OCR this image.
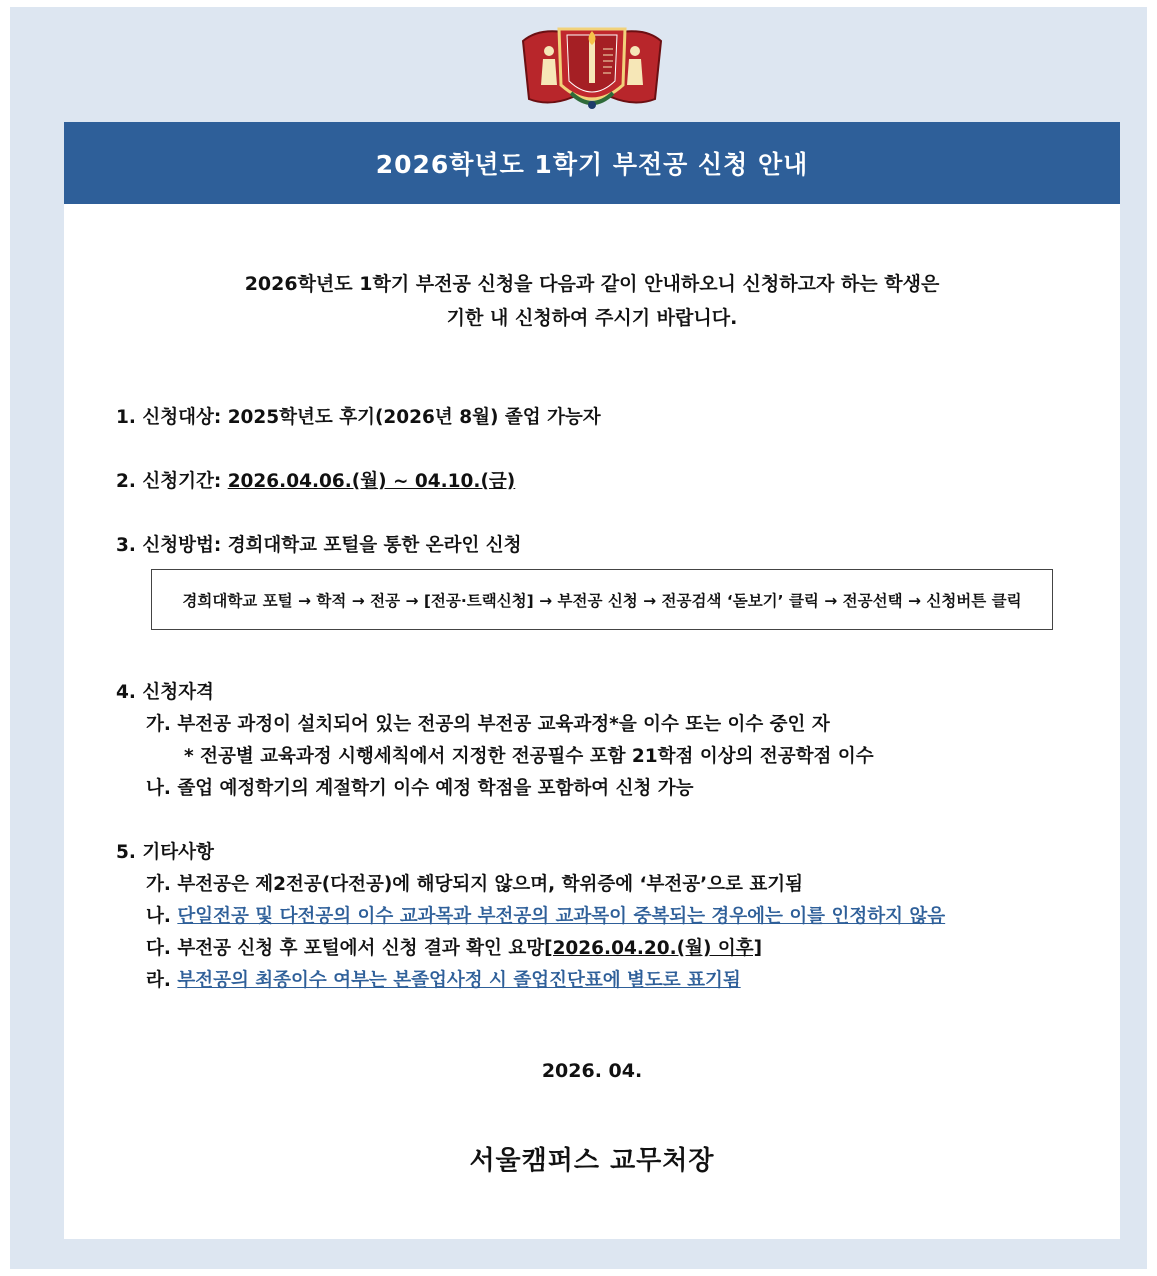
2026학년도 1학기 부전공 신청 안내
2026학년도 1학기 부전공 신청을 다음과 같이 안내하오니 신청하고자 하는 학생은
기한 내 신청하여 주시기 바랍니다.
1. 신청대상: 2025학년도 후기(2026년 8월) 졸업 가능자
2. 신청기간: 2026.04.06.(월) ~ 04.10.(금)
3. 신청방법: 경희대학교 포털을 통한 온라인 신청
경희대학교 포털 → 학적 → 전공 → [전공·트랙신청] → 부전공 신청 → 전공검색 ‘돋보기’ 클릭 → 전공선택 → 신청버튼 클릭
4. 신청자격
가. 부전공 과정이 설치되어 있는 전공의 부전공 교육과정*을 이수 또는 이수 중인 자
* 전공별 교육과정 시행세칙에서 지정한 전공필수 포함 21학점 이상의 전공학점 이수
나. 졸업 예정학기의 계절학기 이수 예정 학점을 포함하여 신청 가능
5. 기타사항
가. 부전공은 제2전공(다전공)에 해당되지 않으며, 학위증에 ‘부전공’으로 표기됨
나. 단일전공 및 다전공의 이수 교과목과 부전공의 교과목이 중복되는 경우에는 이를 인정하지 않음
다. 부전공 신청 후 포털에서 신청 결과 확인 요망[2026.04.20.(월) 이후]
라. 부전공의 최종이수 여부는 본졸업사정 시 졸업진단표에 별도로 표기됨
2026. 04.
서울캠퍼스 교무처장
